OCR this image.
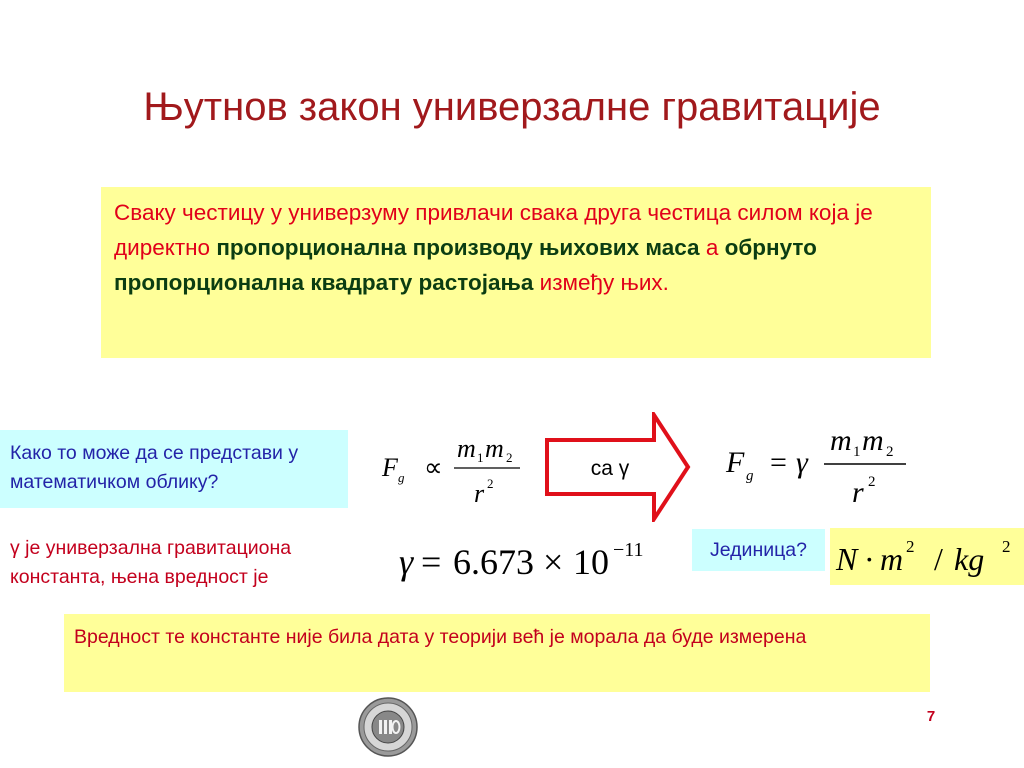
Њутнов закон универзалне гравитације
Сваку честицу у универзуму привлачи свака друга честица силом која је директно пропорционална производу њихових маса а обрнуто пропорционална квадрату растојања између њих.
Како то може да се представи у математичком облику?	F g ∝
m 1 m 2
r 2
са γ	F g = γ
m 1 m 2
r 2
γ је универзална гравитациона константа, њена вредност је	γ = 6.673 × 10 −11	Јединица? N · m 2 / kg 2
Вредност те константе није била дата у теорији већ је морала да буде измерена
7
